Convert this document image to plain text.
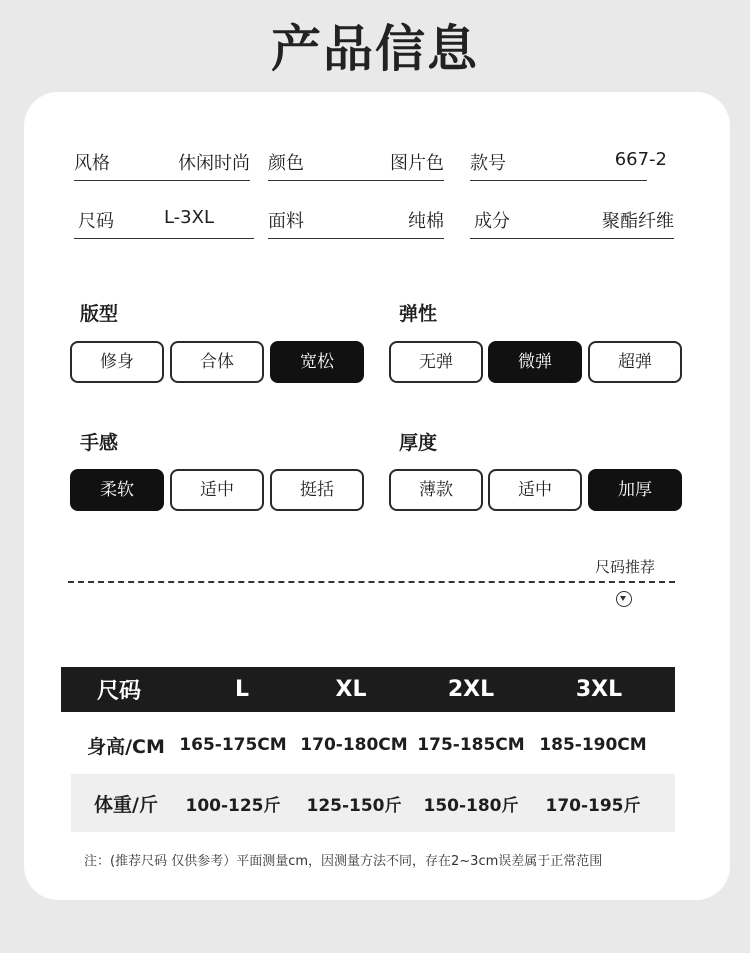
产品信息
风格	休闲时尚 颜色	图片色 款号	667-2
尺码	L-3XL	面料	纯棉 成分	聚酯纤维
版型
修身	合体	宽松
弹性
无弹	微弹	超弹
手感
柔软	适中	挺括
厚度
薄款	适中	加厚
尺码推荐
尺码	L	XL	2XL	3XL
身高/CM 165-175CM 170-180CM 175-185CM 185-190CM
体重/斤	100-125斤	125-150斤	150-180斤	170-195斤
注：(推荐尺码 仅供参考）平面测量cm，因测量方法不同，存在2~3cm误差属于正常范围
